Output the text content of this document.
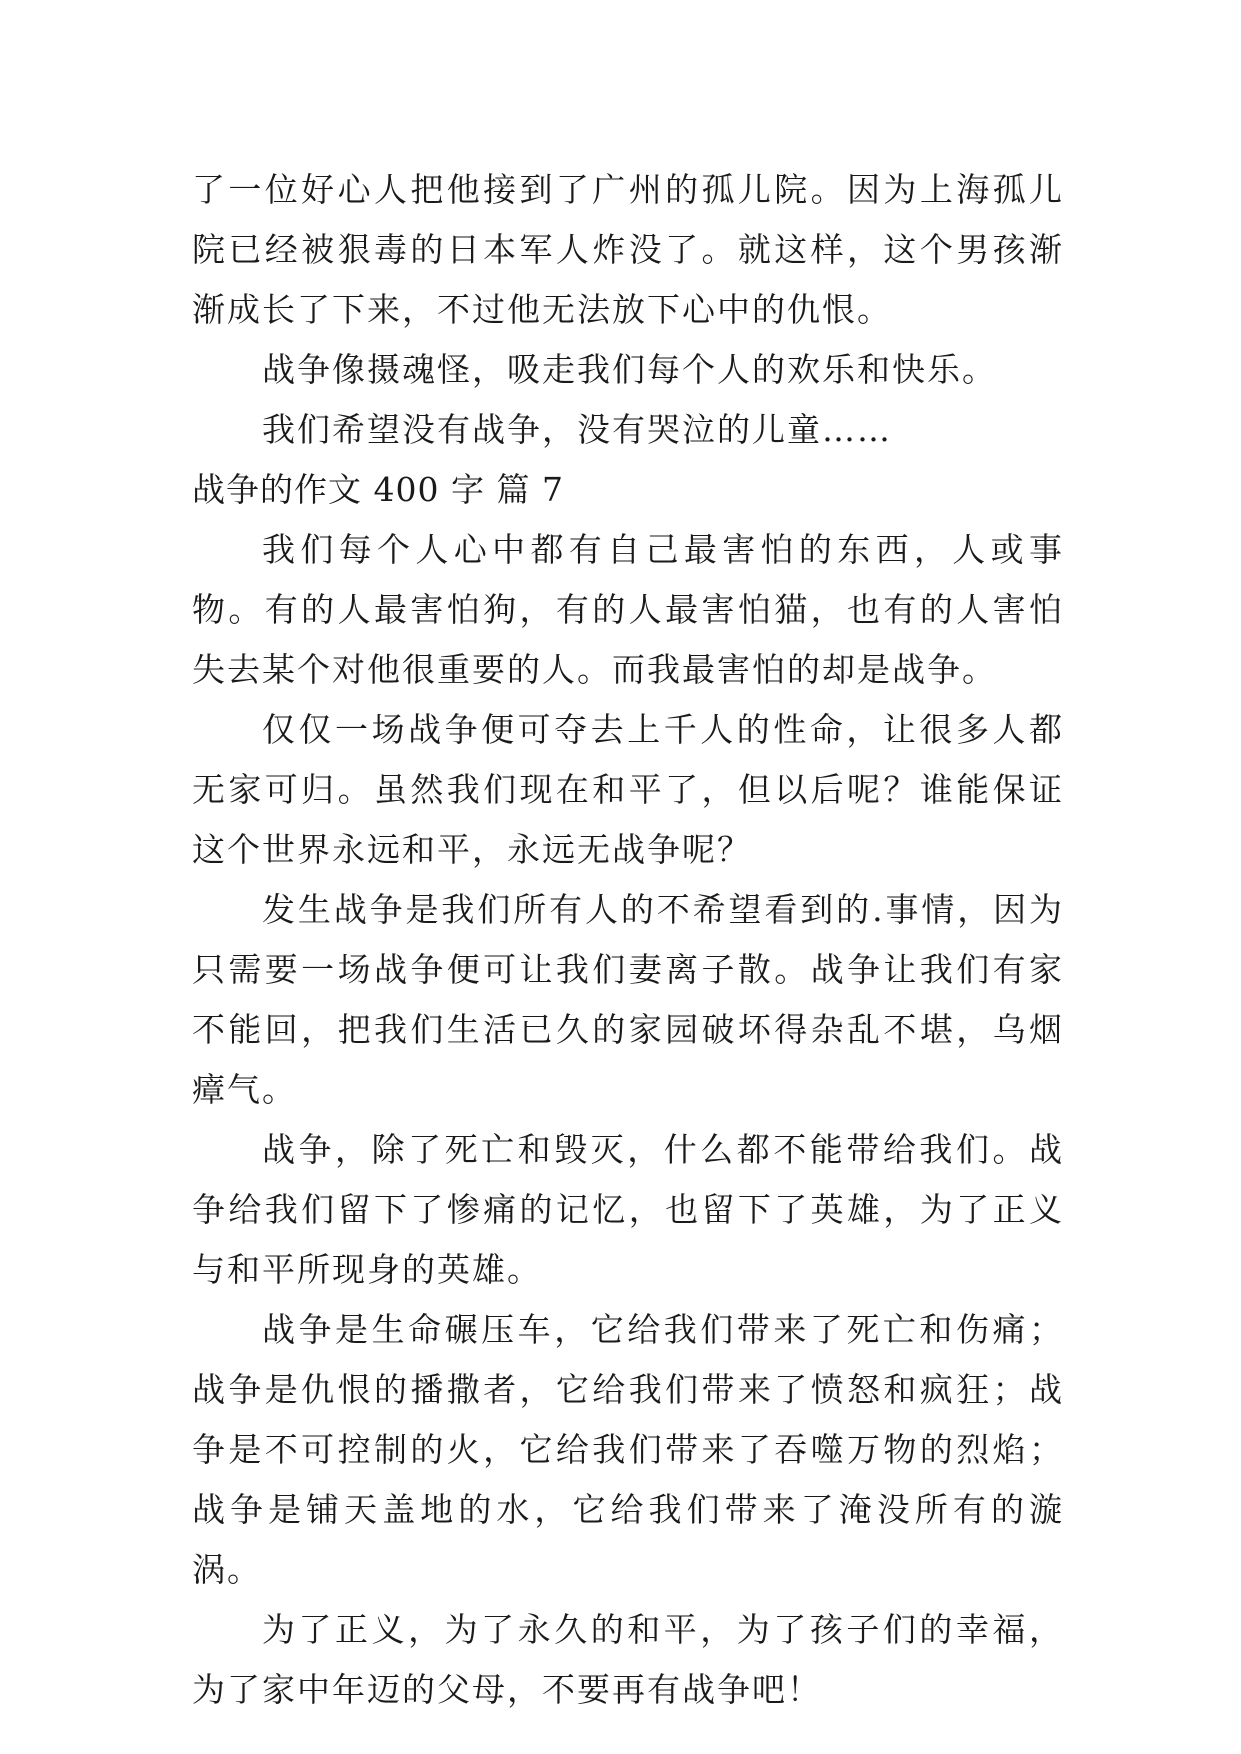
了一位好心人把他接到了广州的孤儿院。因为上海孤儿院已经被狠毒的日本军人炸没了。就这样，这个男孩渐渐成长了下来，不过他无法放下心中的仇恨。

战争像摄魂怪，吸走我们每个人的欢乐和快乐。

我们希望没有战争，没有哭泣的儿童……

战争的作文 400 字 篇 7

我们每个人心中都有自己最害怕的东西，人或事物。有的人最害怕狗，有的人最害怕猫，也有的人害怕失去某个对他很重要的人。而我最害怕的却是战争。

仅仅一场战争便可夺去上千人的性命，让很多人都无家可归。虽然我们现在和平了，但以后呢？谁能保证这个世界永远和平，永远无战争呢？

发生战争是我们所有人的不希望看到的.事情，因为只需要一场战争便可让我们妻离子散。战争让我们有家不能回，把我们生活已久的家园破坏得杂乱不堪，乌烟瘴气。

战争，除了死亡和毁灭，什么都不能带给我们。战争给我们留下了惨痛的记忆，也留下了英雄，为了正义与和平所现身的英雄。

战争是生命碾压车，它给我们带来了死亡和伤痛；战争是仇恨的播撒者，它给我们带来了愤怒和疯狂；战争是不可控制的火，它给我们带来了吞噬万物的烈焰；战争是铺天盖地的水，它给我们带来了淹没所有的漩涡。

为了正义，为了永久的和平，为了孩子们的幸福，为了家中年迈的父母，不要再有战争吧！
